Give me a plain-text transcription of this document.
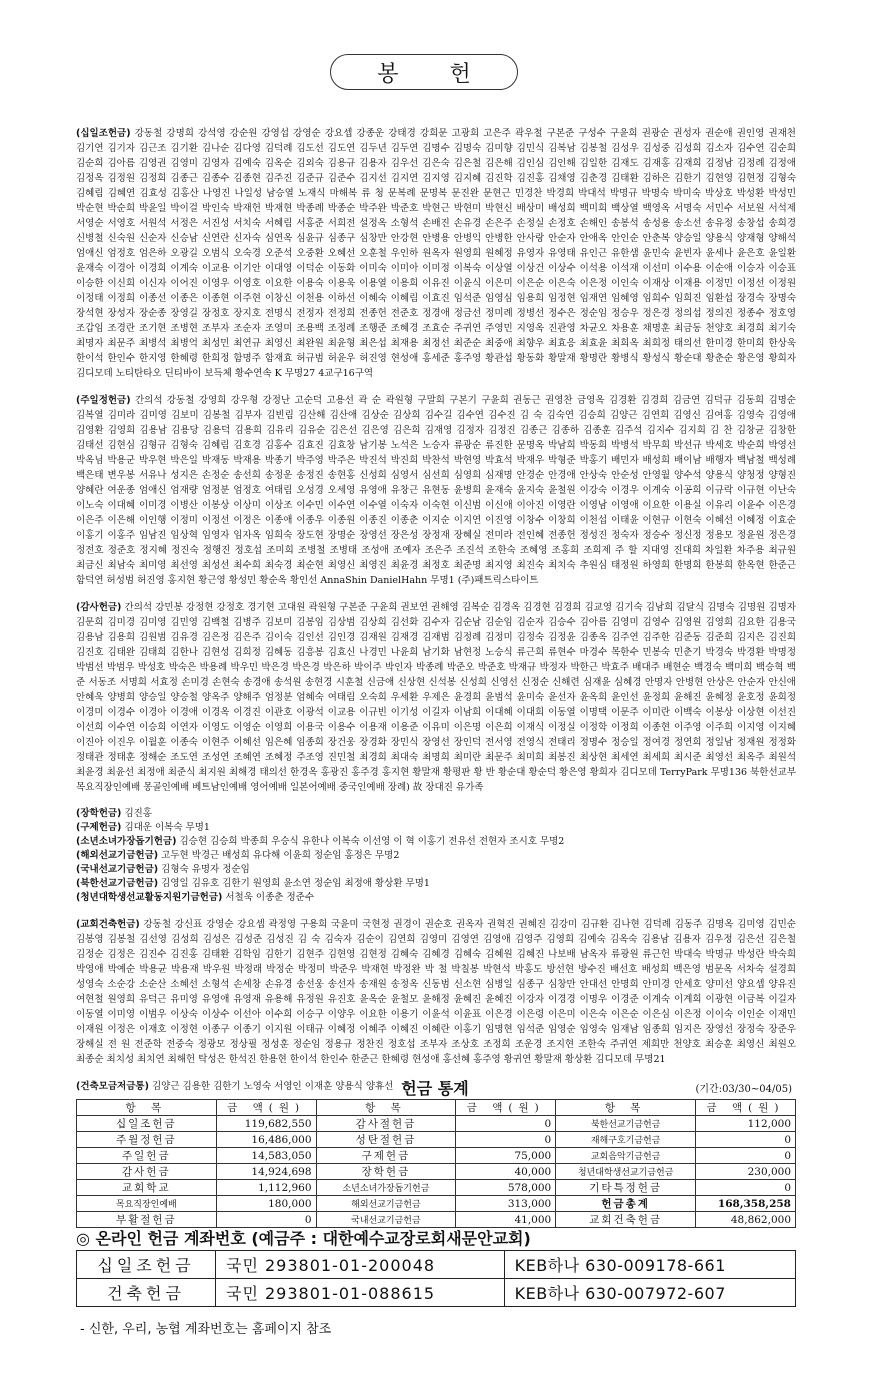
봉 헌

(십일조헌금) 강동철 강명희 강석영 강순원 강영섭 강영순 강요셉 강종운 강태경 강희문 고광희 고은주 곽우철 구본준 구성수 구윤희 권광순 권성자 권순애 권인영 권재천 김기연 김기자 김근조 김기환 김나순 김다영 김덕례 김도선 김도연 김두년 김두연 김명수 김명숙 김미향 김민식 김복남 김봉철 김성우 김성중 김성희 김소자 김수연 김순희 김순희 김아름 김영권 김영미 김영자 김예숙 김옥순 김외숙 김용규 김용자 김우선 김은숙 김은철 김은해 김인심 김인해 김일한 김재도 김재홍 김재희 김정남 김정례 김정애 김정옥 김정원 김정희 김종근 김종수 김종현 김주진 김준규 김준수 김지선 김지연 김지영 김지혜 김진학 김진홍 김채영 김춘경 김태환 김하은 김한기 김현영 김현정 김형숙 김혜림 김혜연 김효성 김홍산 나영진 나일성 남승열 노재식 마해복 류 청 문복례 문명복 문진완 문현근 민경찬 박경희 박대석 박명규 박명숙 박미숙 박상호 박성환 박성민 박순현 박순희 박윤일 박이걸 박인숙 박재헌 박재현 박종례 박종순 박주완 박준호 박현근 박현미 박현신 배상미 배성희 백미희 백상열 백영옥 서명숙 서민수 서보원 서석제 서영순 서영호 서원석 서정은 서진성 서치숙 서혜림 서홍준 서희전 설정옥 소형석 손배진 손유경 손은주 손정실 손정호 손해인 송봉석 송성용 송소선 송유정 송창섭 송희경 신병철 신숙원 신순자 신승남 신연란 신자숙 심연옥 심윤규 심종구 심창만 안강현 안병용 안병익 안병한 안사랑 안순자 안애옥 안인순 안춘복 양승일 양용식 양재형 양해석 엄애신 엄정호 엄은하 오광길 오범식 오숙경 오준석 오중환 오혜선 오훈철 우인하 원옥자 원영희 원혜정 유영자 유영태 유인근 유한샘 윤민숙 윤빈자 윤세나 윤은호 윤일환 윤재숙 이경아 이경희 이계숙 이교용 이기안 이대영 이덕순 이동화 이미숙 이미아 이미정 이복숙 이상열 이상건 이상수 이석용 이석재 이선미 이수용 이순애 이승자 이승표 이승한 이신희 이신자 이어진 이영우 이영호 이요한 이용숙 이용욱 이용열 이용희 이유진 이윤식 이은미 이은순 이은숙 이은정 이인숙 이재상 이재용 이정민 이정선 이정원 이정태 이정희 이종선 이종은 이종현 이주현 이창신 이천용 이하선 이혜숙 이혜림 이효진 임석준 임영심 임용희 임정현 임재연 임혜영 임희수 임희진 임환섭 장경숙 장명숙 장석현 장성자 장순종 장영길 장정호 장지호 전명식 전정자 전정희 전종헌 전준호 정경애 정금선 정미례 정병선 정수은 정순임 정승우 정은경 정의섭 정의진 정종수 정호영 조갑임 조경란 조기현 조병현 조부자 조순자 조영미 조용백 조정례 조행준 조혜경 조효순 주귀연 주영민 지영옥 진관영 차균오 차용훈 채명훈 최금동 천양호 최경희 최기숙 최명자 최문주 최병석 최병억 최성민 최연규 최영신 최완원 최윤형 최은섭 최재용 최정선 최준순 최중애 최향우 최효응 최효윤 최희옥 최희정 태의선 한미경 한미희 한상욱 한이석 한인수 한지영 한혜령 한희정 함명주 함재효 허규범 허윤우 허진영 현성애 홍세준 홍주영 황관섭 황동화 황말재 황명란 황병식 황성식 황순대 황춘순 황은영 황희자 김디모데 노티탄타오 딘티바이 보득체 황수연속 K 무명27 4교구16구역

(주일정헌금) 간의석 강동철 강영희 강우형 강정난 고순덕 고용선 곽 순 곽원형 구말희 구본기 구윤희 권동근 권영찬 금영옥 김경환 김경희 김금연 김덕규 김동희 김명순 김복열 김미라 김미영 김보미 김봉철 김부자 김빈림 김산해 김산애 김상순 김상희 김수길 김수연 김수진 김 숙 김숙연 김승희 김양근 김연희 김영신 김여홍 김영숙 김영애 김영환 김영희 김용남 김용당 김용덕 김용희 김유리 김유순 김은선 김은영 김은희 김재영 김정자 김정진 김종근 김종하 김종훈 김주석 김지수 김지희 김 찬 김창균 김창한 김태선 김현심 김형규 김형숙 김혜림 김호경 김홍수 김효진 김효창 남기봉 노석은 노승자 류광순 류진한 문명옥 박남희 박동희 박병석 박무희 박선규 박세호 박순희 박영선 박옥님 박용군 박우현 박은일 박재동 박재용 박종기 박주영 박주은 박진석 박진희 박찬석 박현영 박효석 박재우 박형준 박홍기 배민자 배성희 배이남 배행자 백남철 백성례 백은태 변우봉 서유나 성지은 손정순 송선희 송정운 송정진 송현홍 신성희 심영서 심선희 심영희 심재명 안경순 안경애 안상숙 안순성 안영월 양수석 양용식 양청정 양형진 양혜란 여운종 엄애신 엄재량 엄정분 엄정호 여태림 오성경 오세영 유영애 유창근 유현동 윤병희 윤재숙 윤지숙 윤철원 이강숙 이경우 이계숙 이공희 이규락 이규현 이난숙 이노숙 이대혜 이미경 이병산 이봉상 이상미 이상조 이수민 이수연 이수열 이숙자 이숙현 이신범 이신애 이아진 이영란 이영남 이영애 이요한 이용실 이유리 이윤수 이은경 이은주 이은해 이인행 이정미 이정선 이정은 이종애 이종우 이종원 이종진 이종춘 이지순 이지연 이진영 이창수 이창희 이천섭 이태윤 이현규 이현숙 이혜선 이혜정 이효순 이홍기 이홍주 임남진 임상혁 임영자 임자옥 임희숙 장도현 장명순 장영선 장은성 장정재 장혜실 전미라 전인혜 전종헌 정성진 정숙자 정승수 정신정 정용모 정윤원 정은경 정전호 정준호 정지혜 정진숙 정행진 정호섭 조미희 조병철 조병태 조성애 조예자 조은주 조진석 조한숙 조혜영 조홍희 조희제 주 할 지대영 진대희 차일환 차주용 최규원 최금신 최남숙 최미영 최선영 최성선 최수희 최숙경 최순현 최영신 최영진 최윤경 최정호 최준명 최지영 최진숙 최치숙 추원심 태정원 하영희 한명희 한봉희 한옥현 한준근 함덕연 허성범 허진영 홍지현 황근영 황성민 황순옥 황인선 AnnaShin DanielHahn 무명1 (주)패트릭스타이트

(감사헌금) 간의석 강민봉 강정현 강정호 경기현 고대원 곽원형 구본준 구윤희 권보연 권해영 김복순 김경옥 김경현 김경희 김교영 김기숙 김남희 김달식 김명숙 김명원 김명자 김문희 김미경 김미영 김민영 김백철 김병주 김보미 김봉임 김상범 김상희 김선화 김수자 김순남 김순임 김순자 김승수 김아름 김영미 김영수 김영원 김영희 김요한 김용국 김용남 김용희 김원범 김유경 김은정 김은주 김이숙 김인선 김인경 김재원 김재경 김재범 김정례 김정미 김정숙 김정윤 김종옥 김주연 김주한 김준동 김준희 김지은 김진희 김진호 김태완 김태희 김한나 김현성 김희정 김혜동 김흥봉 김효신 나경민 나윤희 남기화 남현정 노승식 류근희 류현수 마경수 목한수 민봉숙 민춘기 박경숙 박경환 박명정 박범선 박범우 박성호 박숙은 박용례 박우민 박은경 박은경 박은하 박이주 박인자 박종례 박준오 박준호 박재규 박정자 박한근 박효주 배대주 배현순 백경숙 백미희 백승혁 백 준 서동조 서명희 서효정 손미경 손현숙 송경애 송석원 송현경 시훈철 신금애 신상현 신석봉 신성희 신영선 신정순 신해련 심재윤 심혜경 안명자 안병현 안상은 안순자 안신애 안혜욱 양병희 양승일 양승철 양옥주 양해주 엄정분 엄혜숙 여태림 오숙희 우세환 우제은 윤경희 윤범석 윤미숙 윤선자 윤옥희 윤인선 윤정희 윤해진 윤혜정 윤호정 윤희정 이경미 이경수 이경아 이경애 이경옥 이경진 이관호 이광석 이교용 이규빈 이기성 이길자 이남희 이대혜 이대희 이동열 이명택 이문주 이미란 이백숙 이봉상 이상현 이선진 이선희 이수연 이승희 이연자 이영도 이영순 이영희 이용국 이용수 이용재 이용준 이유미 이은명 이은희 이재식 이정실 이정학 이정희 이종현 이주영 이주희 이지영 이지혜 이진아 이진우 이월훈 이종숙 이현주 이혜선 임은혜 임종희 장건웅 장경화 장민식 장영선 장인덕 전서영 전영식 전태리 정명수 정승일 정여경 정연희 정일남 정재원 정정화 정태관 정태훈 정해순 조도연 조성연 조혜연 조혜정 주조영 진민철 최경희 최대숙 최명희 최미란 최문주 최미희 최봉진 최상현 최세연 최세희 최시준 최영선 최옥주 최원석 최윤경 최윤선 최정애 최준식 최지원 최해경 태의선 한경옥 홍광진 홍주경 홍지현 황말재 황평판 황 반 황순대 황순덕 황은영 황희자 김디모데 TerryPark 무명136 북한선교부 목요직장인예배 몽골인예배 베트남인예배 영어예배 일본어예배 중국인예배 장례) 故 장대진 유가족

(장학헌금) 김진홍
(구제헌금) 김대운 이복숙 무명1
(소년소녀가장돕기헌금) 김승현 김승희 박종희 우승식 유한나 이복숙 이선영 이 혁 이홍기 전유선 전현자 조시호 무명2
(해외선교기금헌금) 고두현 박경근 배성희 유다해 이윤희 정순임 홍정은 무명2
(국내선교기금헌금) 김형숙 유명자 정순임
(북한선교기금헌금) 김영일 김유호 김한기 원영희 윤소연 정순임 최정애 황상환 무명1
(청년대학생선교활동지원기금헌금) 서철욱 이종춘 정준수

(교회건축헌금) 강동철 강신표 강영순 강요셉 곽정영 구용희 국윤미 국현정 권경이 권순호 권옥자 권혁진 권혜진 김강미 김규환 김나현 김덕례 김동주 김명옥 김미영 김민순 김봉영 김봉철 김선영 김성희 김성은 김성준 김성진 김 숙 김숙자 김순이 김연희 김영미 김영연 김영애 김영주 김영희 김예숙 김옥숙 김용남 김용자 김우정 김은선 김은철 김정순 김정은 김진수 김진홍 김태환 김학임 김한기 김현주 김현영 김현정 김혜숙 김혜경 김혜숙 김혜원 김혜진 나보배 남옥자 류광원 류근헌 박대숙 박명규 박성란 박숙희 박영애 박예순 박용균 박용재 박우원 박정래 박정순 박정미 박준우 박재현 박정완 박 철 박칠봉 박현석 박홍도 방선현 방수진 배선호 배성희 백은영 범문옥 서차숙 설경희 성영숙 소순강 소순산 소혜선 소형석 손세창 손유경 송선웅 송선자 송재원 송정옥 신동범 신소현 심병일 심종구 심창만 안대선 안명희 안미경 안세호 양미선 양요셉 양유진 여현철 원영희 유덕근 유미영 유영애 유영재 유용해 유정원 유진호 윤옥순 윤철모 윤해정 윤혜진 윤혜진 이강자 이경경 이명우 이경준 이계숙 이계희 이광현 이금복 이길자 이동열 이미영 이범우 이상숙 이상수 이선아 이수희 이승구 이양우 이요한 이용기 이윤석 이윤표 이은경 이은령 이은미 이은숙 이은순 이은심 이은정 이이숙 이인순 이재민 이재원 이정은 이재호 이정현 이종구 이종기 이지원 이태규 이혜정 이혜주 이혜진 이혜란 이홍기 임명현 임석준 임영순 임영숙 임재남 임종희 임지은 장영선 장정숙 장준우 장해실 전 원 전준학 전중숙 정광모 정상필 정성훈 정순임 정용규 정찬진 정호섭 조부자 조상호 조정희 조운경 조지현 조한숙 주귀연 제희만 천양호 최승훈 최영신 최원오 최종순 최치성 최치연 최해헌 탁성은 한석진 한용현 한이석 한인수 한준근 한혜령 현성애 홍선혜 홍주영 황귀연 황말재 황상환 김디모데 무명21

(건축모금저금통) 김양근 김용한 김한기 노영숙 서영인 이재훈 양용식 양휴선 헌금 통계	(기간:03/30~04/05)
항 목	금 액(원)	항 목	금 액(원)	항 목	금 액(원)
십일조헌금	119,682,550	감사절헌금	0	북한선교기금헌금	112,000
주월정헌금	16,486,000	성탄절헌금	0	재해구호기금헌금	0
주일헌금	14,583,050	구제헌금	75,000	교회음악기금헌금	0
감사헌금	14,924,698	장학헌금	40,000	청년대학생선교기금헌금	230,000
교회학교	1,112,960	소년소녀가장돕기헌금	578,000	기타특정헌금	0
목요직장인예배	180,000	해외선교기금헌금	313,000	헌금총계	168,358,258
부활절헌금	0	국내선교기금헌금	41,000	교회건축헌금	48,862,000
◎ 온라인 헌금 계좌번호 (예금주 : 대한예수교장로회새문안교회)
십일조헌금	국민 293801-01-200048	KEB하나 630-009178-661
건축헌금	국민 293801-01-088615	KEB하나 630-007972-607
- 신한, 우리, 농협 계좌번호는 홈페이지 참조
